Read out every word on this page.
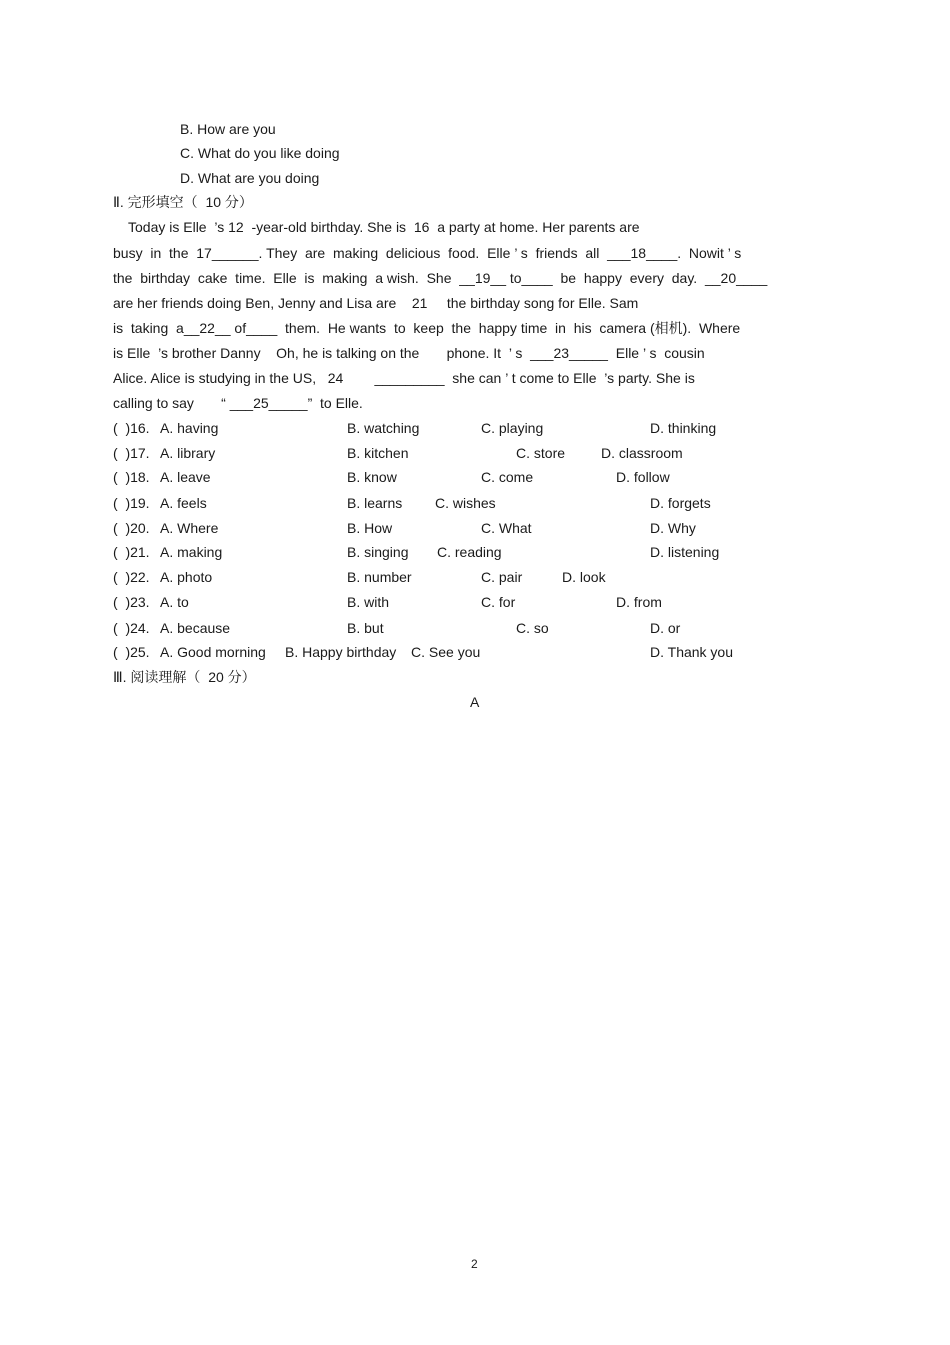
B. How are you
C. What do you like doing
D. What are you doing
Ⅱ. 完形填空（  10 分）
Today is Elle  ’s 12  -year-old birthday. She is  16  a party at home. Her parents are
busy  in  the  17______. They  are  making  delicious  food.  Elle ’ s  friends  all  ___18____.  Nowit ’ s
the  birthday  cake  time.  Elle  is  making  a wish.  She  __19__ to____  be  happy  every  day.  __20____
are her friends doing Ben, Jenny and Lisa are    21     the birthday song for Elle. Sam
is  taking  a__22__ of____  them.  He wants  to  keep  the  happy time  in  his  camera (相机).  Where
is Elle  ’s brother Danny    Oh, he is talking on the       phone. It  ’ s  ___23_____  Elle ’ s  cousin
Alice. Alice is studying in the US,   24        _________  she can ’ t come to Elle  ’s party. She is
calling to say       “ ___25_____”  to Elle.
(  )16. A. having	B. watching	C. playing	D. thinking
(  )17. A. library	B. kitchen	C. store	D. classroom
(  )18. A. leave	B. know	C. come	D. follow
(  )19. A. feels	B. learns C. wishes	D. forgets
(  )20. A. Where	B. How	C. What	D. Why
(  )21. A. making	B. singing C. reading	D. listening
(  )22. A. photo	B. number	C. pair	D. look
(  )23. A. to	B. with	C. for	D. from
(  )24. A. because	B. but	C. so	D. or
(  )25. A. Good morning B. Happy birthday C. See you	D. Thank you
Ⅲ. 阅读理解（  20 分）
A
2
